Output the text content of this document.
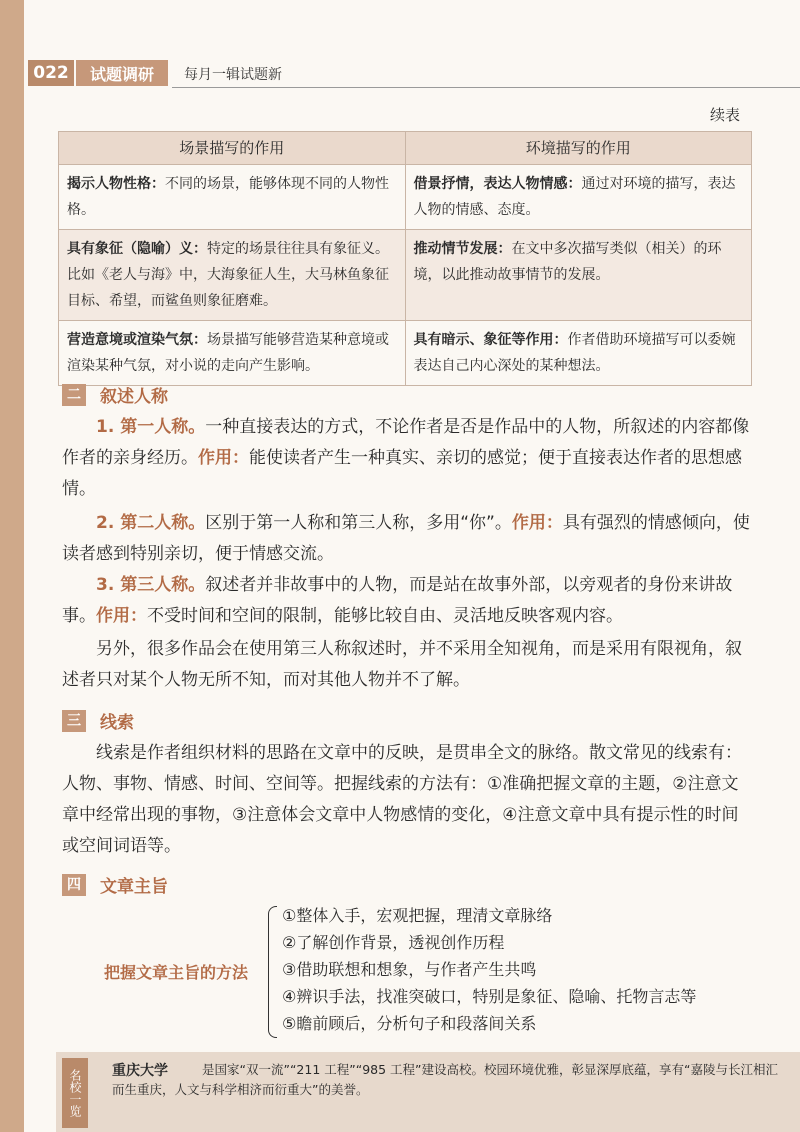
022	试题调研	每月一辑试题新
续表
场景描写的作用	环境描写的作用
揭示人物性格：不同的场景，能够体现不同的人物性格。	借景抒情，表达人物情感：通过对环境的描写，表达人物的情感、态度。
具有象征（隐喻）义：特定的场景往往具有象征义。比如《老人与海》中，大海象征人生，大马林鱼象征目标、希望，而鲨鱼则象征磨难。	推动情节发展：在文中多次描写类似（相关）的环境，以此推动故事情节的发展。
营造意境或渲染气氛：场景描写能够营造某种意境或渲染某种气氛，对小说的走向产生影响。	具有暗示、象征等作用：作者借助环境描写可以委婉表达自己内心深处的某种想法。
二 叙述人称

1. 第一人称。一种直接表达的方式，不论作者是否是作品中的人物，所叙述的内容都像作者的亲身经历。作用：能使读者产生一种真实、亲切的感觉；便于直接表达作者的思想感情。

2. 第二人称。区别于第一人称和第三人称，多用“你”。作用：具有强烈的情感倾向，使读者感到特别亲切，便于情感交流。

3. 第三人称。叙述者并非故事中的人物，而是站在故事外部，以旁观者的身份来讲故事。作用：不受时间和空间的限制，能够比较自由、灵活地反映客观内容。

另外，很多作品会在使用第三人称叙述时，并不采用全知视角，而是采用有限视角，叙述者只对某个人物无所不知，而对其他人物并不了解。

三 线索

线索是作者组织材料的思路在文章中的反映，是贯串全文的脉络。散文常见的线索有：人物、事物、情感、时间、空间等。把握线索的方法有：①准确把握文章的主题，②注意文章中经常出现的事物，③注意体会文章中人物感情的变化，④注意文章中具有提示性的时间或空间词语等。

四 文章主旨
把握文章主旨的方法
①整体入手，宏观把握，理清文章脉络
②了解创作背景，透视创作历程
③借助联想和想象，与作者产生共鸣
④辨识手法，找准突破口，特别是象征、隐喻、托物言志等
⑤瞻前顾后，分析句子和段落间关系
名校一览	重庆大学	是国家“双一流”“211 工程”“985 工程”建设高校。校园环境优雅，彰显深厚底蕴，享有“嘉陵与长江相汇而生重庆，人文与科学相济而衍重大”的美誉。
